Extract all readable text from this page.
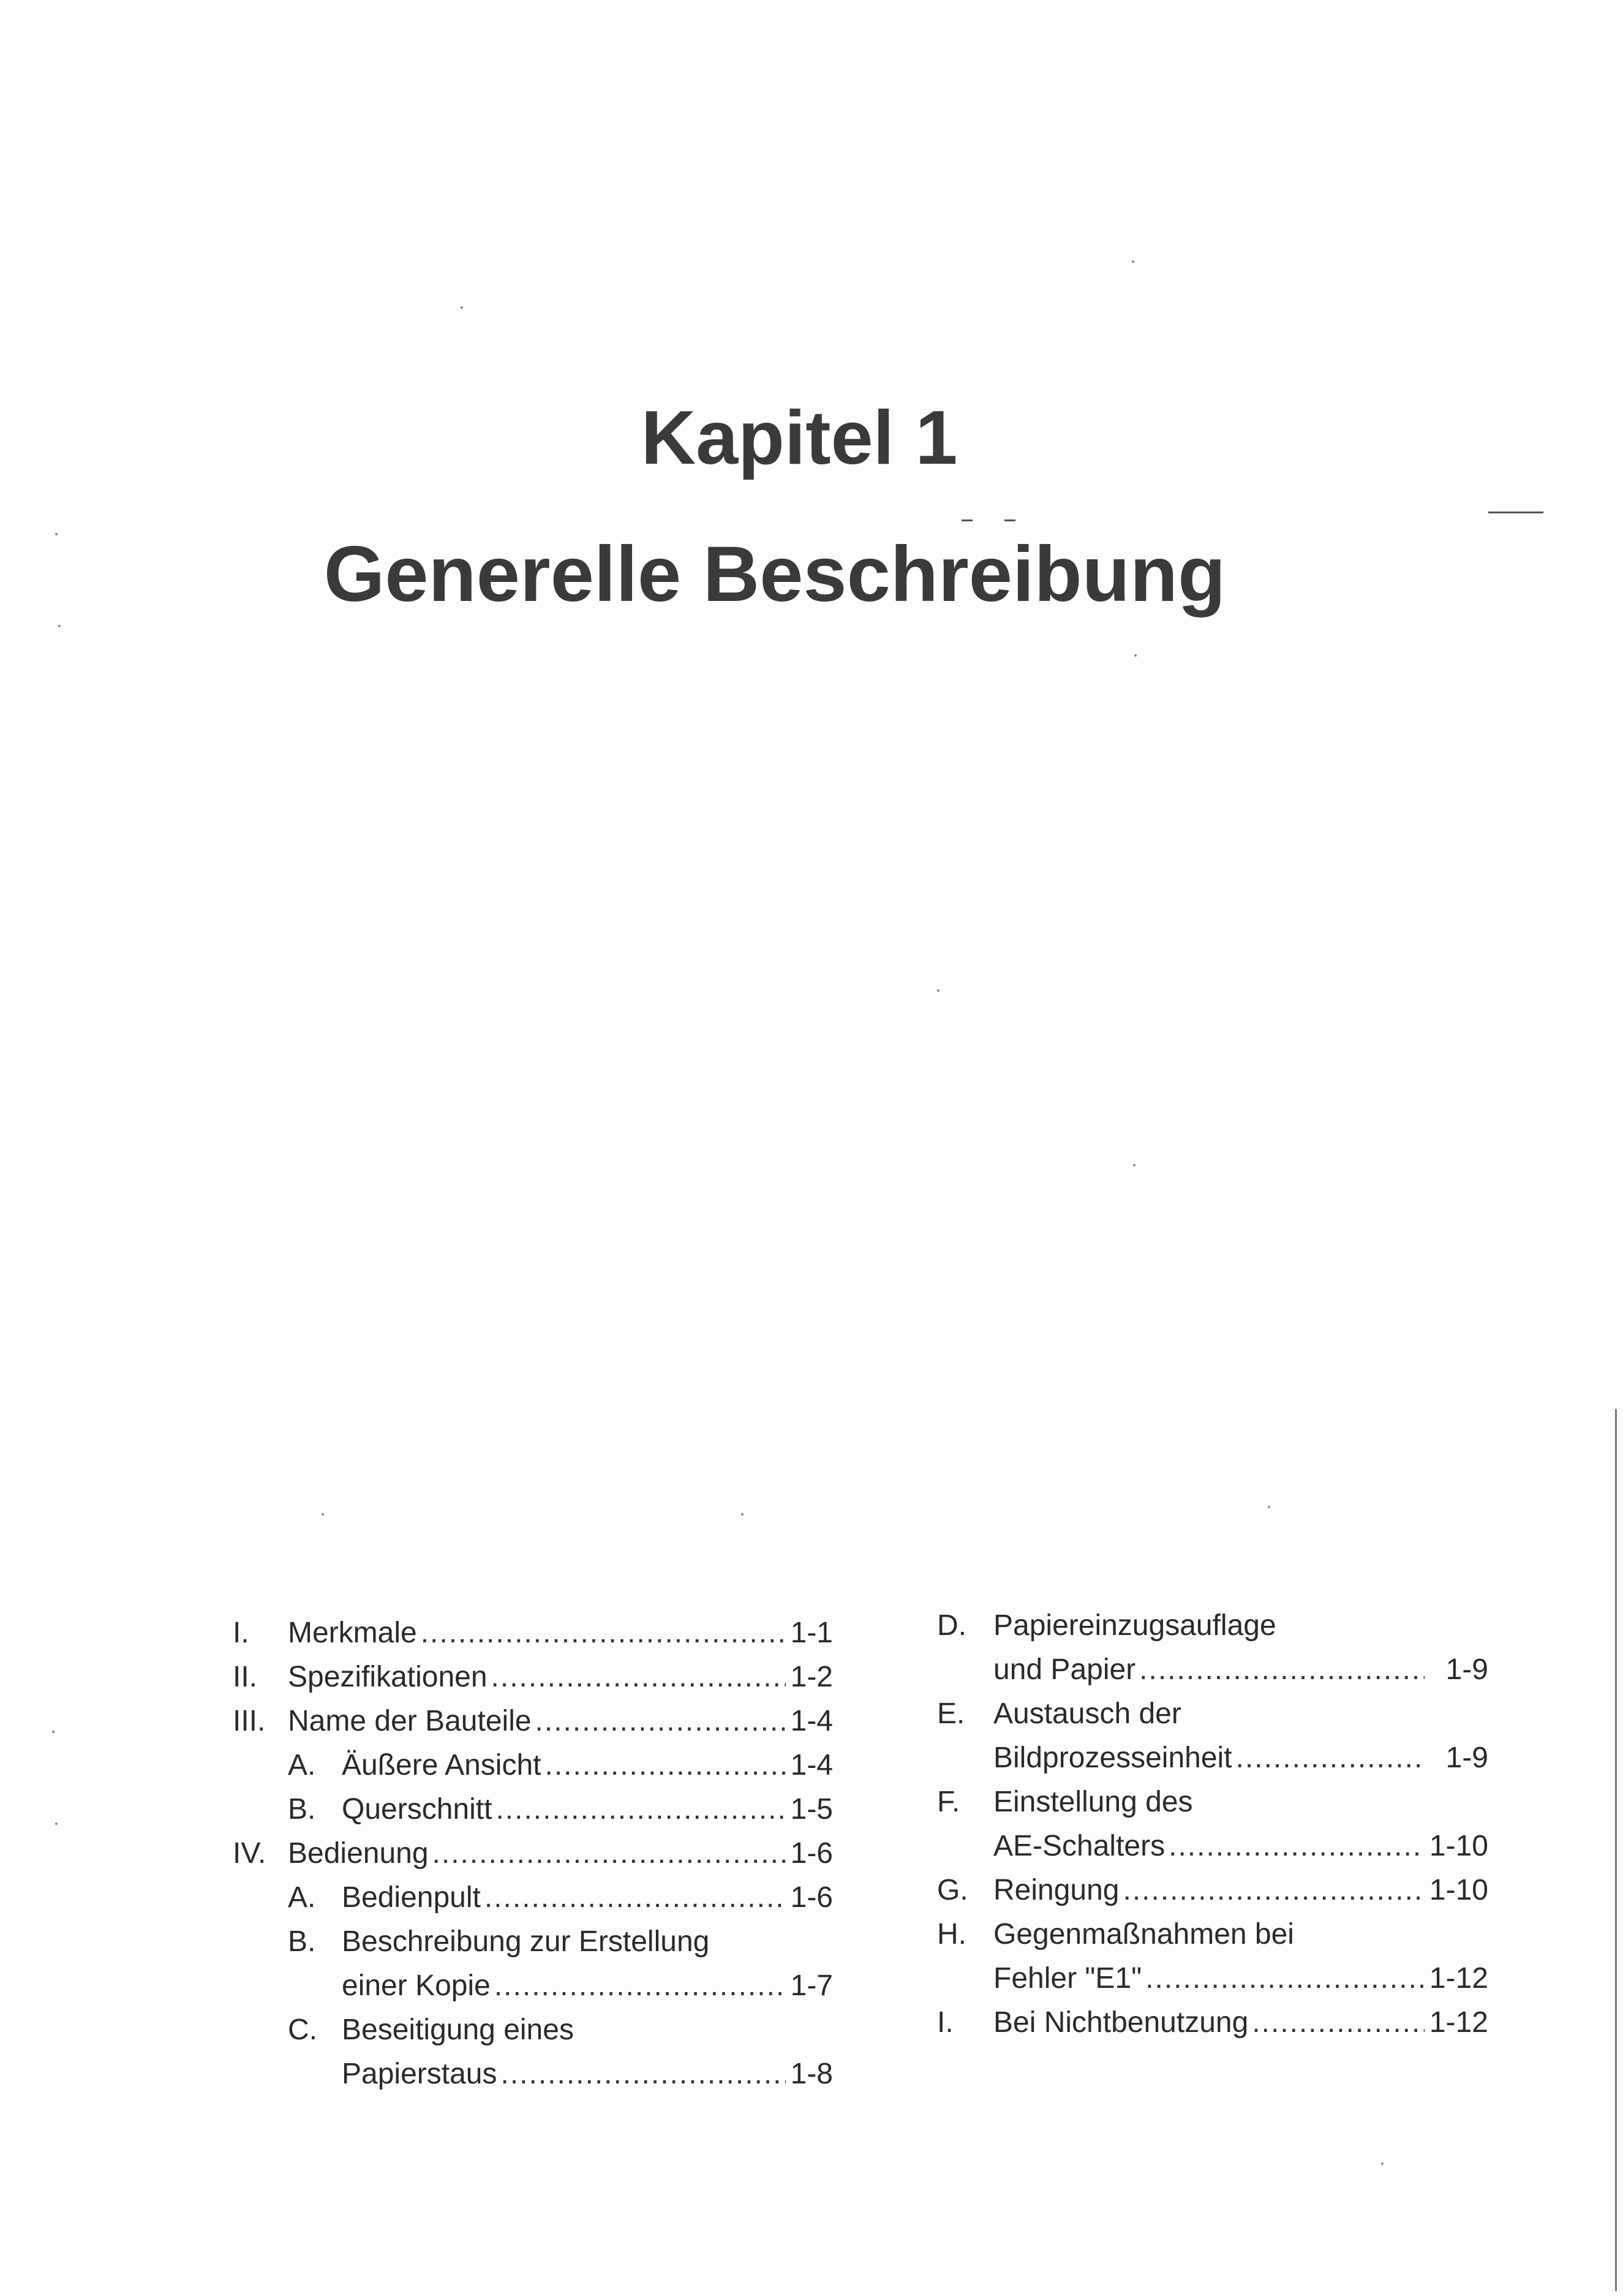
Kapitel 1
Generelle Beschreibung
I.	Merkmale .....	1-1
II.	Spezifikationen .....	1-2
III. Name der Bauteile .....	1-4
A. Äußere Ansicht .....	1-4
B. Querschnitt .....	1-5
IV. Bedienung .....	1-6
A. Bedienpult .....	1-6
B. Beschreibung zur Erstellung
einer Kopie .....	1-7
C. Beseitigung eines
Papierstaus .....	1-8
D. Papiereinzugsauflage
und Papier .....	1-9
E. Austausch der
Bildprozesseinheit .....	1-9
F.	Einstellung des
AE-Schalters .....	1-10
G. Reingung .....	1-10
H. Gegenmaßnahmen bei
Fehler "E1" .....	1-12
I.	Bei Nichtbenutzung .....	1-12
